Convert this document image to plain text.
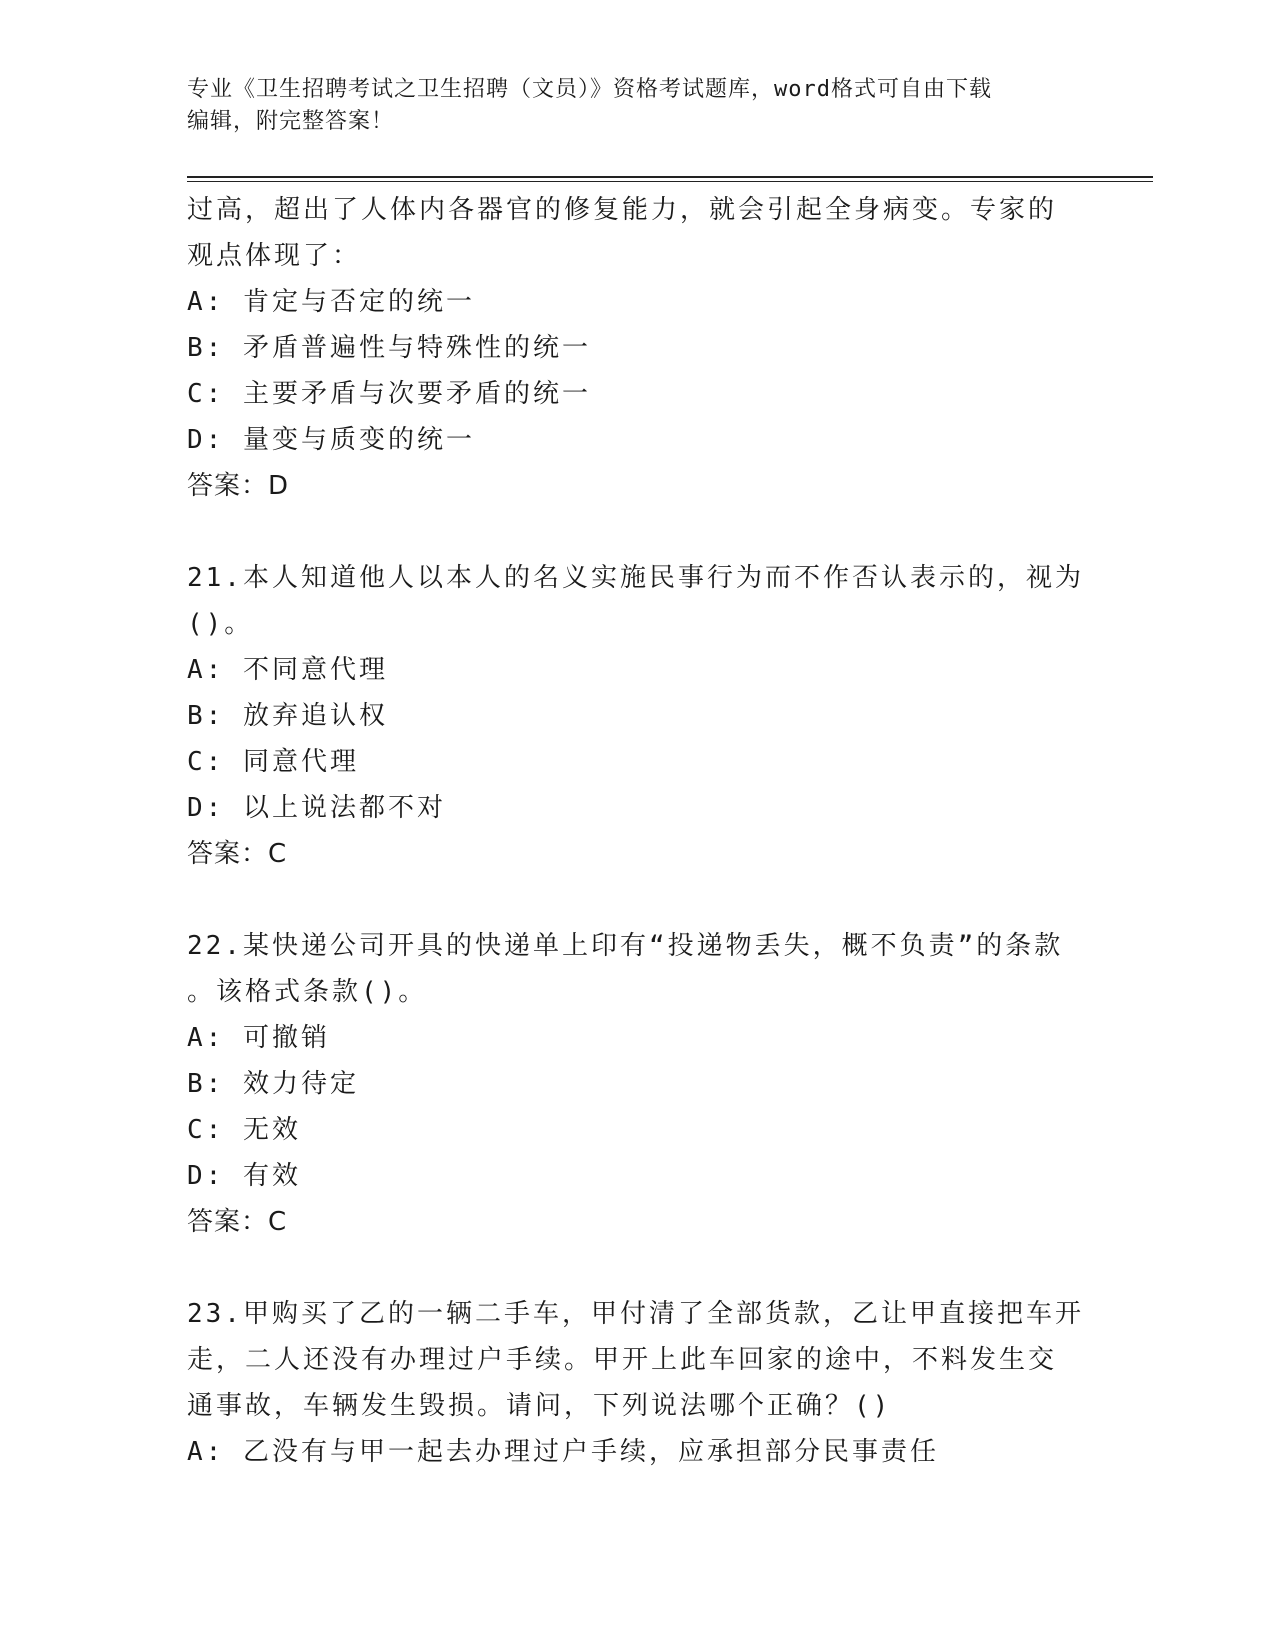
专业《卫生招聘考试之卫生招聘（文员）》资格考试题库，word格式可自由下载
编辑，附完整答案！

过高，超出了人体内各器官的修复能力，就会引起全身病变。专家的

观点体现了：

A: 肯定与否定的统一

B: 矛盾普遍性与特殊性的统一

C: 主要矛盾与次要矛盾的统一

D: 量变与质变的统一

答案：D

21.本人知道他人以本人的名义实施民事行为而不作否认表示的，视为

()。

A: 不同意代理

B: 放弃追认权

C: 同意代理

D: 以上说法都不对

答案：C

22.某快递公司开具的快递单上印有“投递物丢失，概不负责”的条款

。该格式条款()。

A: 可撤销

B: 效力待定

C: 无效

D: 有效

答案：C

23.甲购买了乙的一辆二手车，甲付清了全部货款，乙让甲直接把车开

走，二人还没有办理过户手续。甲开上此车回家的途中，不料发生交

通事故，车辆发生毁损。请问，下列说法哪个正确？()

A: 乙没有与甲一起去办理过户手续，应承担部分民事责任
